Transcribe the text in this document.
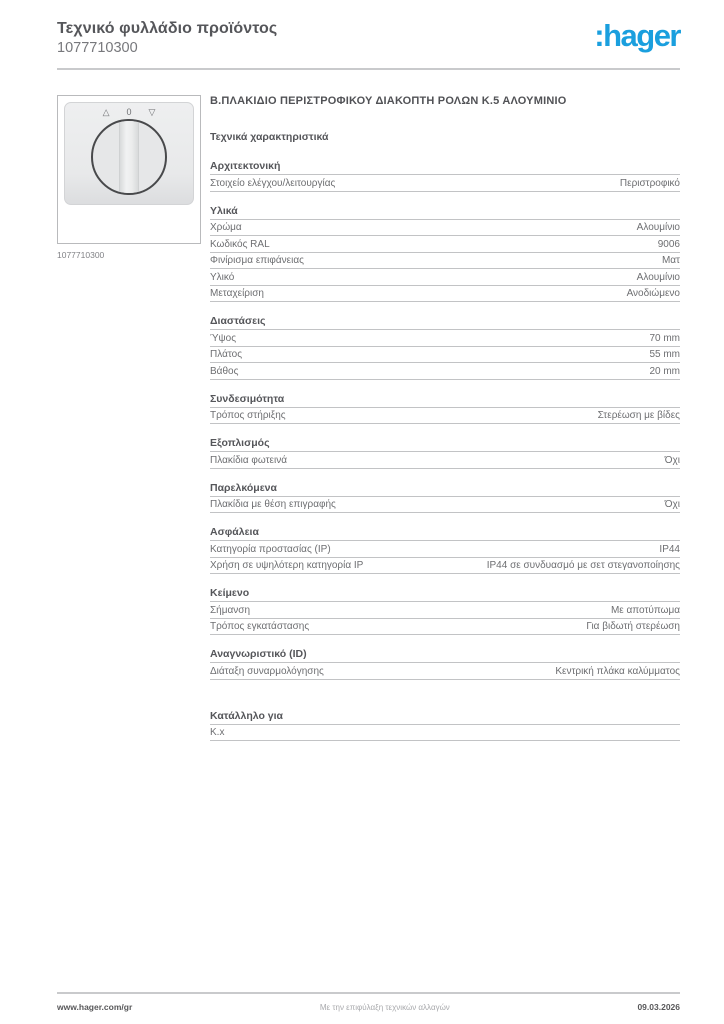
Τεχνικό φυλλάδιο προϊόντος
1077710300	:hager
△ 0 ▽
1077710300
Β.ΠΛΑΚΙΔΙΟ ΠΕΡΙΣΤΡΟΦΙΚΟΥ ΔΙΑΚΟΠΤΗ ΡΟΛΩΝ Κ.5 ΑΛΟΥΜΙΝΙΟ
Τεχνικά χαρακτηριστικά
Αρχιτεκτονική
Στοιχείο ελέγχου/λειτουργίας	Περιστροφικό
Υλικά
Χρώμα	Αλουμίνιο
Κωδικός RAL	9006
Φινίρισμα επιφάνειας	Ματ
Υλικό	Αλουμίνιο
Μεταχείριση	Ανοδιώμενο
Διαστάσεις
Ύψος	70 mm
Πλάτος	55 mm
Βάθος	20 mm
Συνδεσιμότητα
Τρόπος στήριξης	Στερέωση με βίδες
Εξοπλισμός
Πλακίδια φωτεινά	Όχι
Παρελκόμενα
Πλακίδια με θέση επιγραφής	Όχι
Ασφάλεια
Κατηγορία προστασίας (IP)	IP44
Χρήση σε υψηλότερη κατηγορία IP	IP44 σε συνδυασμό με σετ στεγανοποίησης
Κείμενο
Σήμανση	Με αποτύπωμα
Τρόπος εγκατάστασης	Για βιδωτή στερέωση
Αναγνωριστικό (ID)
Διάταξη συναρμολόγησης	Κεντρική πλάκα καλύμματος
Κατάλληλο για
Κ.x
www.hager.com/gr	Με την επιφύλαξη τεχνικών αλλαγών	09.03.2026
